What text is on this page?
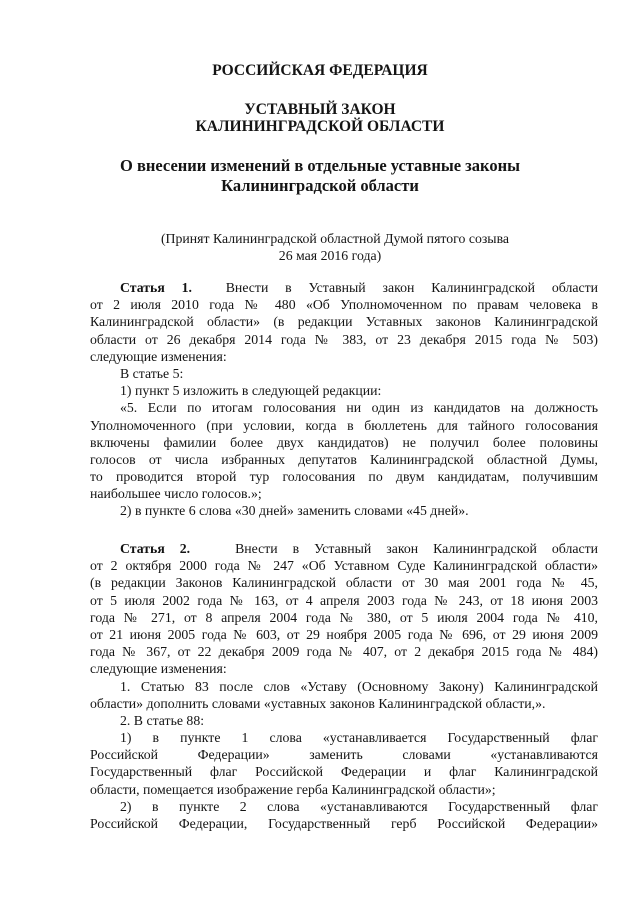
РОССИЙСКАЯ ФЕДЕРАЦИЯ
УСТАВНЫЙ ЗАКОН
КАЛИНИНГРАДСКОЙ ОБЛАСТИ
О внесении изменений в отдельные уставные законы
Калининградской области
(Принят Калининградской областной Думой пятого созыва
26 мая 2016 года)
Статья 1. Внести в Уставный закон Калининградской области
от 2 июля 2010 года № 480 «Об Уполномоченном по правам человека в
Калининградской области» (в редакции Уставных законов Калининградской
области от 26 декабря 2014 года № 383, от 23 декабря 2015 года № 503)
следующие изменения:
В статье 5:
1) пункт 5 изложить в следующей редакции:
«5. Если по итогам голосования ни один из кандидатов на должность
Уполномоченного (при условии, когда в бюллетень для тайного голосования
включены фамилии более двух кандидатов) не получил более половины
голосов от числа избранных депутатов Калининградской областной Думы,
то проводится второй тур голосования по двум кандидатам, получившим
наибольшее число голосов.»;
2) в пункте 6 слова «30 дней» заменить словами «45 дней».
Статья 2.	Внести в Уставный закон Калининградской области
от 2 октября 2000 года № 247 «Об Уставном Суде Калининградской области»
(в редакции Законов Калининградской области от 30 мая 2001 года № 45,
от 5 июля 2002 года № 163, от 4 апреля 2003 года № 243, от 18 июня 2003
года № 271, от 8 апреля 2004 года № 380, от 5 июля 2004 года № 410,
от 21 июня 2005 года № 603, от 29 ноября 2005 года № 696, от 29 июня 2009
года № 367, от 22 декабря 2009 года № 407, от 2 декабря 2015 года № 484)
следующие изменения:
1. Статью 83 после слов «Уставу (Основному Закону) Калининградской
области» дополнить словами «уставных законов Калининградской области,».
2. В статье 88:
1) в пункте 1 слова «устанавливается Государственный флаг
Российской Федерации» заменить словами «устанавливаются
Государственный флаг Российской Федерации и флаг Калининградской
области, помещается изображение герба Калининградской области»;
2) в пункте 2 слова «устанавливаются Государственный флаг
Российской Федерации, Государственный герб Российской Федерации»
